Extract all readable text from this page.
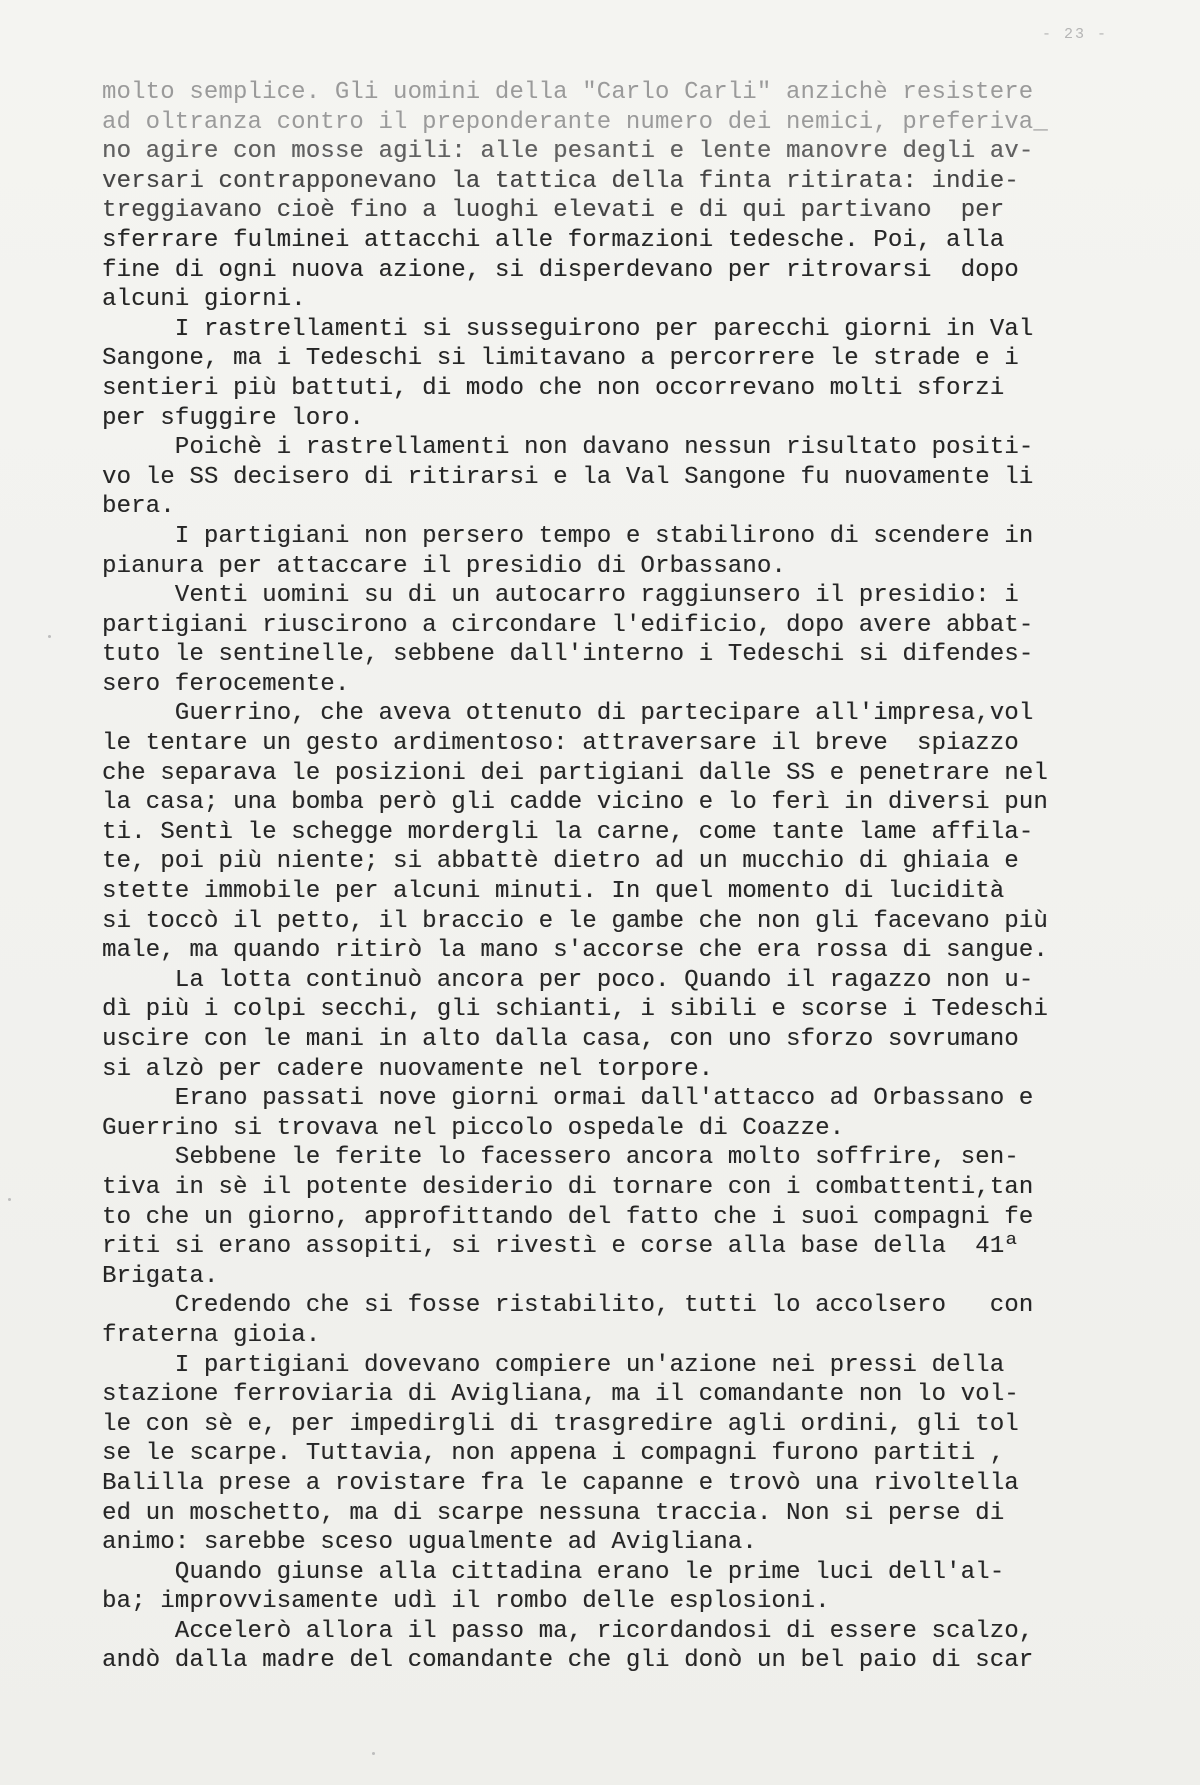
- 23 -
molto semplice. Gli uomini della "Carlo Carli" anzichè resistere
ad oltranza contro il preponderante numero dei nemici, preferiva_
no agire con mosse agili: alle pesanti e lente manovre degli av-
versari contrapponevano la tattica della finta ritirata: indie-
treggiavano cioè fino a luoghi elevati e di qui partivano  per
sferrare fulminei attacchi alle formazioni tedesche. Poi, alla
fine di ogni nuova azione, si disperdevano per ritrovarsi  dopo
alcuni giorni.
I rastrellamenti si susseguirono per parecchi giorni in Val
Sangone, ma i Tedeschi si limitavano a percorrere le strade e i
sentieri più battuti, di modo che non occorrevano molti sforzi
per sfuggire loro.
Poichè i rastrellamenti non davano nessun risultato positi-
vo le SS decisero di ritirarsi e la Val Sangone fu nuovamente li
bera.
I partigiani non persero tempo e stabilirono di scendere in
pianura per attaccare il presidio di Orbassano.
Venti uomini su di un autocarro raggiunsero il presidio: i
partigiani riuscirono a circondare l'edificio, dopo avere abbat-
tuto le sentinelle, sebbene dall'interno i Tedeschi si difendes-
sero ferocemente.
Guerrino, che aveva ottenuto di partecipare all'impresa,vol
le tentare un gesto ardimentoso: attraversare il breve  spiazzo
che separava le posizioni dei partigiani dalle SS e penetrare nel
la casa; una bomba però gli cadde vicino e lo ferì in diversi pun
ti. Sentì le schegge mordergli la carne, come tante lame affila-
te, poi più niente; si abbattè dietro ad un mucchio di ghiaia e
stette immobile per alcuni minuti. In quel momento di lucidità
si toccò il petto, il braccio e le gambe che non gli facevano più
male, ma quando ritirò la mano s'accorse che era rossa di sangue.
La lotta continuò ancora per poco. Quando il ragazzo non u-
dì più i colpi secchi, gli schianti, i sibili e scorse i Tedeschi
uscire con le mani in alto dalla casa, con uno sforzo sovrumano
si alzò per cadere nuovamente nel torpore.
Erano passati nove giorni ormai dall'attacco ad Orbassano e
Guerrino si trovava nel piccolo ospedale di Coazze.
Sebbene le ferite lo facessero ancora molto soffrire, sen-
tiva in sè il potente desiderio di tornare con i combattenti,tan
to che un giorno, approfittando del fatto che i suoi compagni fe
riti si erano assopiti, si rivestì e corse alla base della  41ª
Brigata.
Credendo che si fosse ristabilito, tutti lo accolsero   con
fraterna gioia.
I partigiani dovevano compiere un'azione nei pressi della
stazione ferroviaria di Avigliana, ma il comandante non lo vol-
le con sè e, per impedirgli di trasgredire agli ordini, gli tol
se le scarpe. Tuttavia, non appena i compagni furono partiti ,
Balilla prese a rovistare fra le capanne e trovò una rivoltella
ed un moschetto, ma di scarpe nessuna traccia. Non si perse di
animo: sarebbe sceso ugualmente ad Avigliana.
Quando giunse alla cittadina erano le prime luci dell'al-
ba; improvvisamente udì il rombo delle esplosioni.
Accelerò allora il passo ma, ricordandosi di essere scalzo,
andò dalla madre del comandante che gli donò un bel paio di scar
